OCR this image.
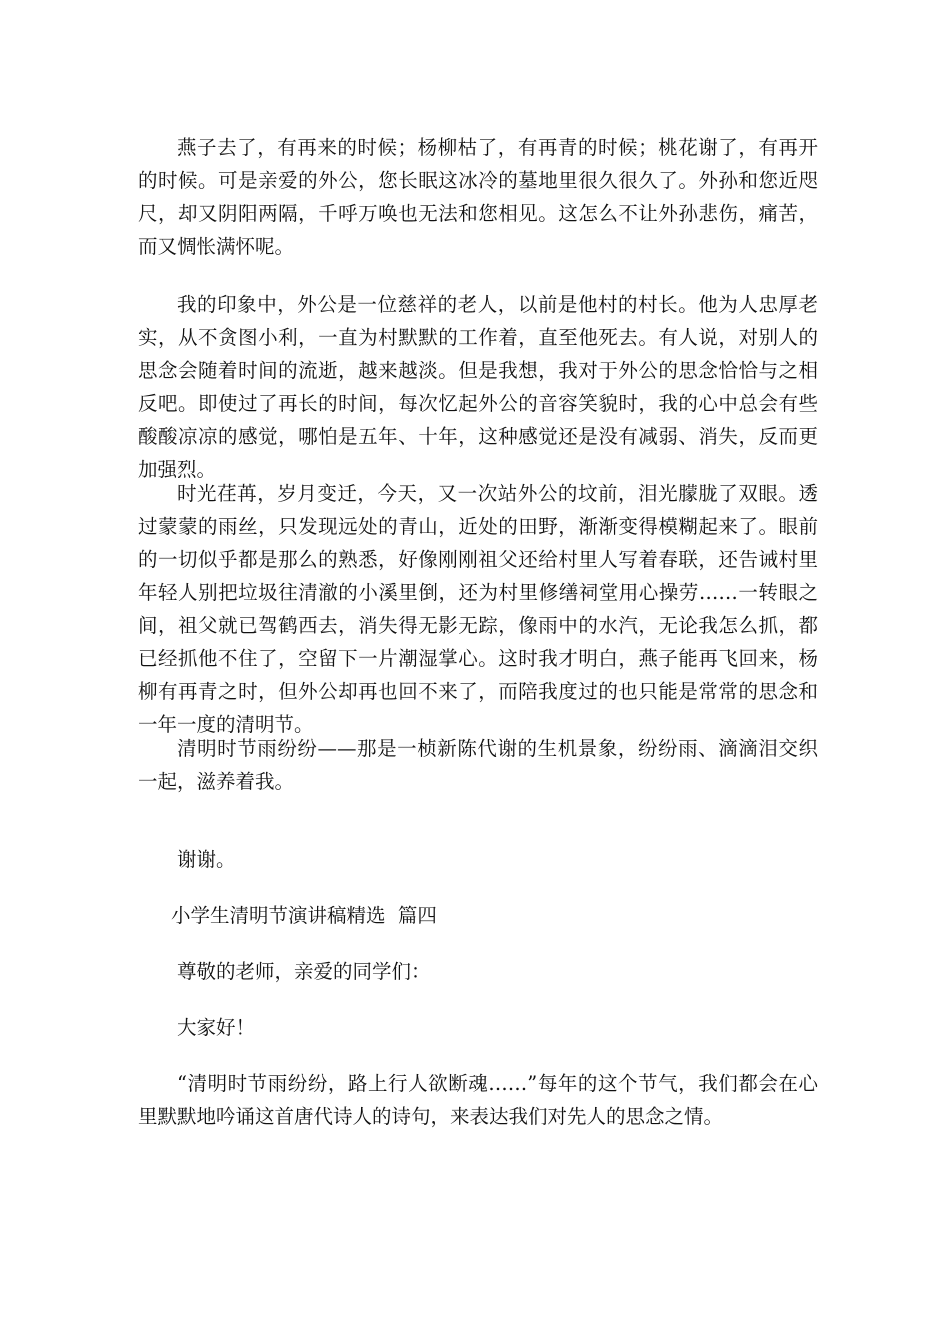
燕子去了，有再来的时候；杨柳枯了，有再青的时候；桃花谢了，有再开的时候。可是亲爱的外公，您长眠这冰冷的墓地里很久很久了。外孙和您近咫尺，却又阴阳两隔，千呼万唤也无法和您相见。这怎么不让外孙悲伤，痛苦，而又惆怅满怀呢。

我的印象中，外公是一位慈祥的老人，以前是他村的村长。他为人忠厚老实，从不贪图小利，一直为村默默的工作着，直至他死去。有人说，对别人的思念会随着时间的流逝，越来越淡。但是我想，我对于外公的思念恰恰与之相反吧。即使过了再长的时间，每次忆起外公的音容笑貌时，我的心中总会有些酸酸凉凉的感觉，哪怕是五年、十年，这种感觉还是没有减弱、消失，反而更加强烈。

时光荏苒，岁月变迁，今天，又一次站外公的坟前，泪光朦胧了双眼。透过蒙蒙的雨丝，只发现远处的青山，近处的田野，渐渐变得模糊起来了。眼前的一切似乎都是那么的熟悉，好像刚刚祖父还给村里人写着春联，还告诫村里年轻人别把垃圾往清澈的小溪里倒，还为村里修缮祠堂用心操劳……一转眼之间，祖父就已驾鹤西去，消失得无影无踪，像雨中的水汽，无论我怎么抓，都已经抓他不住了，空留下一片潮湿掌心。这时我才明白，燕子能再飞回来，杨柳有再青之时，但外公却再也回不来了，而陪我度过的也只能是常常的思念和一年一度的清明节。

清明时节雨纷纷——那是一桢新陈代谢的生机景象，纷纷雨、滴滴泪交织一起，滋养着我。

谢谢。

小学生清明节演讲稿精选  篇四

尊敬的老师，亲爱的同学们：

大家好！

“清明时节雨纷纷，路上行人欲断魂……”每年的这个节气，我们都会在心里默默地吟诵这首唐代诗人的诗句，来表达我们对先人的思念之情。
